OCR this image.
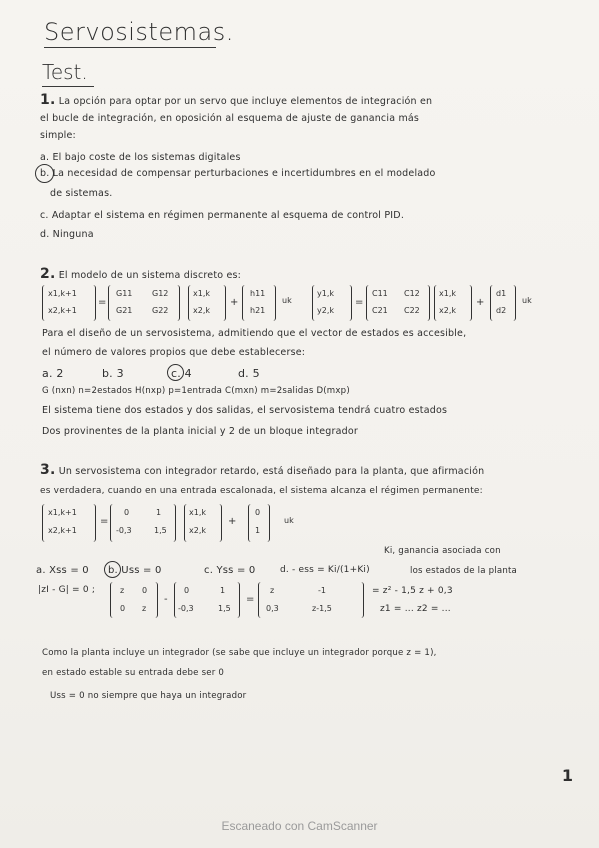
Servosistemas.
Test.
1. La opción para optar por un servo que incluye elementos de integración en
el bucle de integración, en oposición al esquema de ajuste de ganancia más
simple:
a. El bajo coste de los sistemas digitales
b. La necesidad de compensar perturbaciones e incertidumbres en el modelado
de sistemas.
c. Adaptar el sistema en régimen permanente al esquema de control PID.
d. Ninguna
2. El modelo de un sistema discreto es:
x1,k+1
x2,k+1
=
G11 G12
G21 G22
x1,k
x2,k
+
h11
h21
uk
y1,k
y2,k
=
C11 C12
C21 C22
x1,k
x2,k
+
d1
d2
uk
Para el diseño de un servosistema, admitiendo que el vector de estados es accesible,
el número de valores propios que debe establecerse:
a. 2	b. 3	c. 4	d. 5
G (nxn) n=2estados H(nxp) p=1entrada C(mxn) m=2salidas D(mxp)
El sistema tiene dos estados y dos salidas, el servosistema tendrá cuatro estados
Dos provinentes de la planta inicial y 2 de un bloque integrador
3. Un servosistema con integrador retardo, está diseñado para la planta, que afirmación
es verdadera, cuando en una entrada escalonada, el sistema alcanza el régimen permanente:
x1,k+1
x2,k+1
=
0	1
-0,3	1,5
x1,k
x2,k
+
0
1
uk
Ki, ganancia asociada con
a. Xss = 0 b. Uss = 0	c. Yss = 0	d. - ess = Ki/(1+Ki)	los estados de la planta
|zI - G| = 0 ;	z 0
0 z
-
0	1
-0,3	1,5
=
z	-1
0,3	z-1,5
= z² - 1,5 z + 0,3
z1 = ... z2 = ...
Como la planta incluye un integrador (se sabe que incluye un integrador porque z = 1),
en estado estable su entrada debe ser 0
Uss = 0 no siempre que haya un integrador
1
Escaneado con CamScanner
